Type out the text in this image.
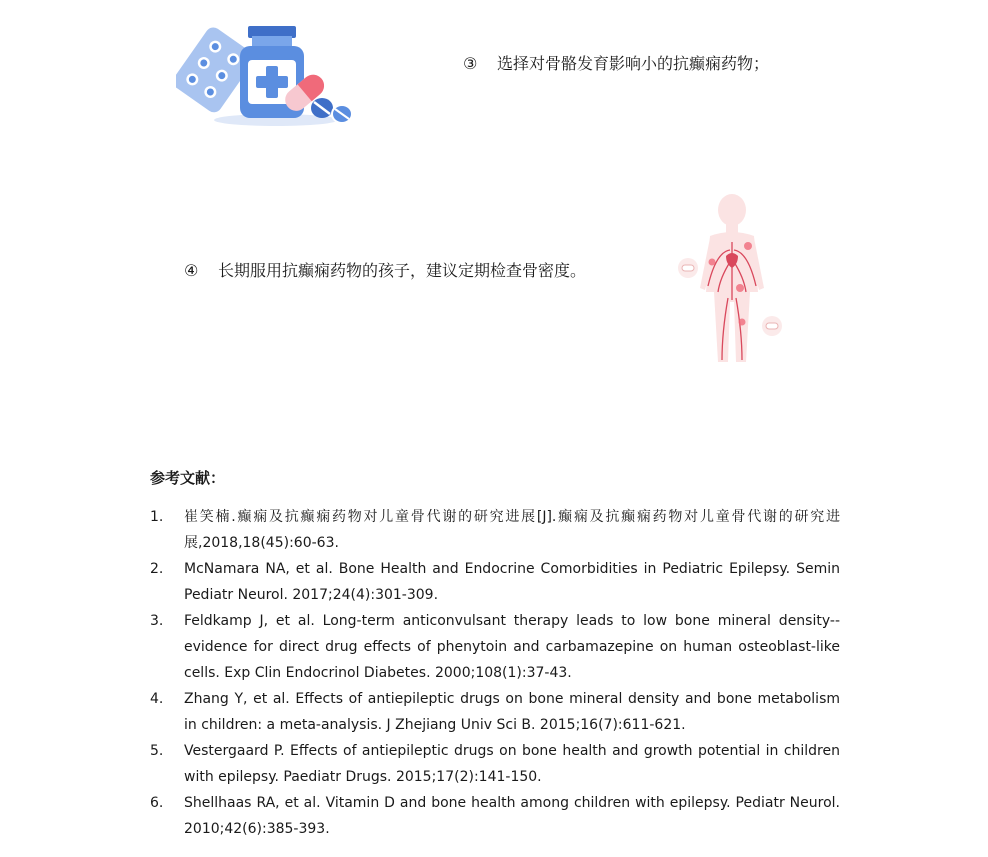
③ 选择对骨骼发育影响小的抗癫痫药物；
④ 长期服用抗癫痫药物的孩子，建议定期检查骨密度。
参考文献：
1. 崔笑楠.癫痫及抗癫痫药物对儿童骨代谢的研究进展[J].癫痫及抗癫痫药物对儿童骨代谢的研究进展,2018,18(45):60-63.
2. McNamara NA, et al. Bone Health and Endocrine Comorbidities in Pediatric Epilepsy. Semin Pediatr Neurol. 2017;24(4):301-309.
3. Feldkamp J, et al. Long-term anticonvulsant therapy leads to low bone mineral density--evidence for direct drug effects of phenytoin and carbamazepine on human osteoblast-like cells. Exp Clin Endocrinol Diabetes. 2000;108(1):37-43.
4. Zhang Y, et al. Effects of antiepileptic drugs on bone mineral density and bone metabolism in children: a meta-analysis. J Zhejiang Univ Sci B. 2015;16(7):611-621.
5. Vestergaard P. Effects of antiepileptic drugs on bone health and growth potential in children with epilepsy. Paediatr Drugs. 2015;17(2):141-150.
6. Shellhaas RA, et al. Vitamin D and bone health among children with epilepsy. Pediatr Neurol. 2010;42(6):385-393.
